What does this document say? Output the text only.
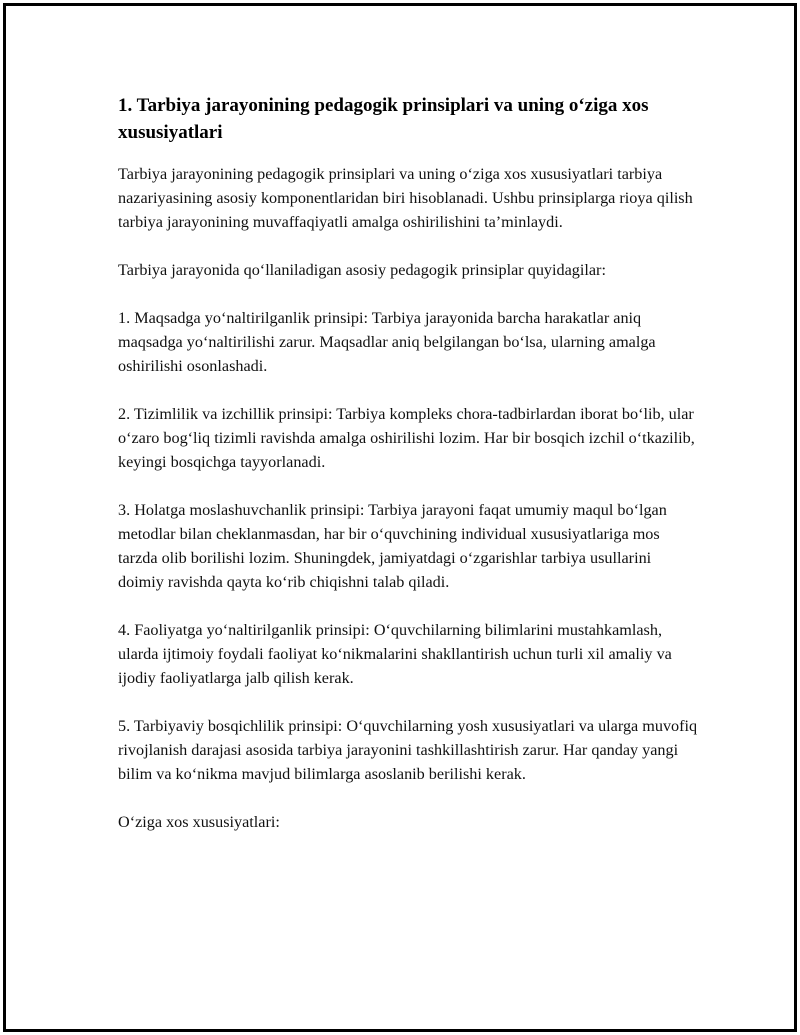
1. Tarbiya jarayonining pedagogik prinsiplari va uning o‘ziga xos xususiyatlari

Tarbiya jarayonining pedagogik prinsiplari va uning o‘ziga xos xususiyatlari tarbiya nazariyasining asosiy komponentlaridan biri hisoblanadi. Ushbu prinsiplarga rioya qilish tarbiya jarayonining muvaffaqiyatli amalga oshirilishini ta’minlaydi.

Tarbiya jarayonida qo‘llaniladigan asosiy pedagogik prinsiplar quyidagilar:

1. Maqsadga yo‘naltirilganlik prinsipi: Tarbiya jarayonida barcha harakatlar aniq maqsadga yo‘naltirilishi zarur. Maqsadlar aniq belgilangan bo‘lsa, ularning amalga oshirilishi osonlashadi.

2. Tizimlilik va izchillik prinsipi: Tarbiya kompleks chora-tadbirlardan iborat bo‘lib, ular o‘zaro bog‘liq tizimli ravishda amalga oshirilishi lozim. Har bir bosqich izchil o‘tkazilib, keyingi bosqichga tayyorlanadi.

3. Holatga moslashuvchanlik prinsipi: Tarbiya jarayoni faqat umumiy maqul bo‘lgan metodlar bilan cheklanmasdan, har bir o‘quvchining individual xususiyatlariga mos tarzda olib borilishi lozim. Shuningdek, jamiyatdagi o‘zgarishlar tarbiya usullarini doimiy ravishda qayta ko‘rib chiqishni talab qiladi.

4. Faoliyatga yo‘naltirilganlik prinsipi: O‘quvchilarning bilimlarini mustahkamlash, ularda ijtimoiy foydali faoliyat ko‘nikmalarini shakllantirish uchun turli xil amaliy va ijodiy faoliyatlarga jalb qilish kerak.

5. Tarbiyaviy bosqichlilik prinsipi: O‘quvchilarning yosh xususiyatlari va ularga muvofiq rivojlanish darajasi asosida tarbiya jarayonini tashkillashtirish zarur. Har qanday yangi bilim va ko‘nikma mavjud bilimlarga asoslanib berilishi kerak.

O‘ziga xos xususiyatlari:
